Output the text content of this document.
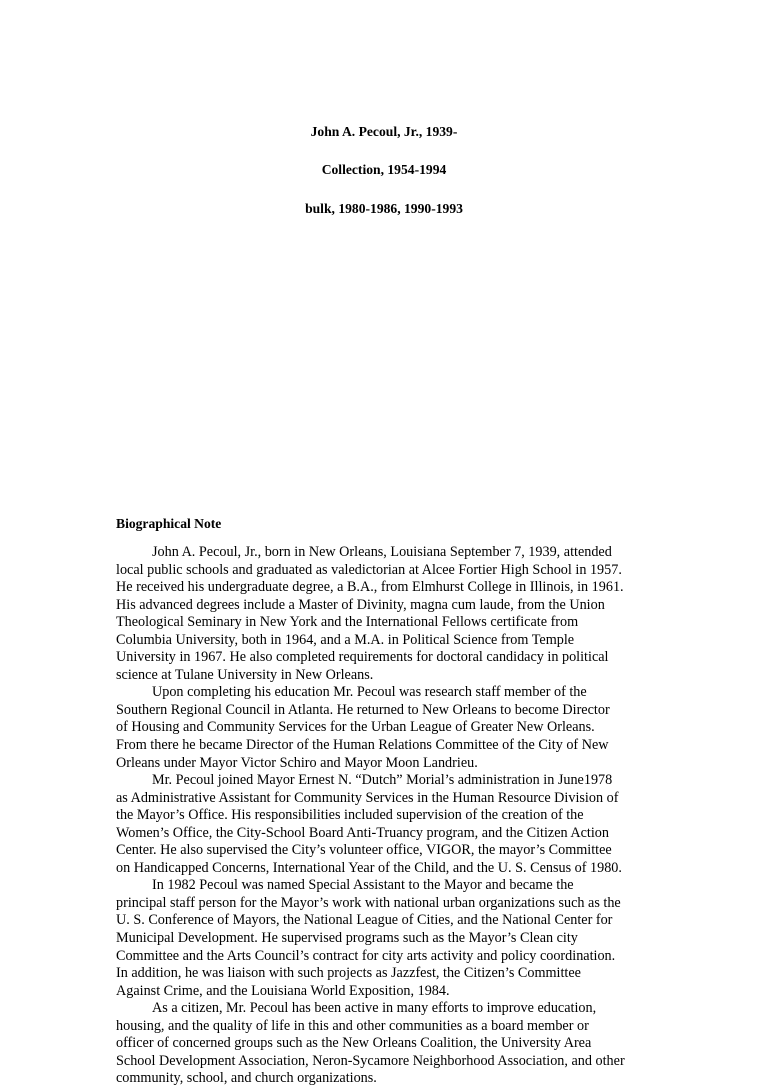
John A. Pecoul, Jr., 1939-
Collection, 1954-1994
bulk, 1980-1986, 1990-1993
Biographical Note
John A. Pecoul, Jr., born in New Orleans, Louisiana September 7, 1939, attended
local public schools and graduated as valedictorian at Alcee Fortier High School in 1957.
He received his undergraduate degree, a B.A., from Elmhurst College in Illinois, in 1961.
His advanced degrees include a Master of Divinity, magna cum laude, from the Union
Theological Seminary in New York and the International Fellows certificate from
Columbia University, both in 1964, and a M.A. in Political Science from Temple
University in 1967. He also completed requirements for doctoral candidacy in political
science at Tulane University in New Orleans.
Upon completing his education Mr. Pecoul was research staff member of the
Southern Regional Council in Atlanta. He returned to New Orleans to become Director
of Housing and Community Services for the Urban League of Greater New Orleans.
From there he became Director of the Human Relations Committee of the City of New
Orleans under Mayor Victor Schiro and Mayor Moon Landrieu.
Mr. Pecoul joined Mayor Ernest N. “Dutch” Morial’s administration in June1978
as Administrative Assistant for Community Services in the Human Resource Division of
the Mayor’s Office. His responsibilities included supervision of the creation of the
Women’s Office, the City-School Board Anti-Truancy program, and the Citizen Action
Center. He also supervised the City’s volunteer office, VIGOR, the mayor’s Committee
on Handicapped Concerns, International Year of the Child, and the U. S. Census of 1980.
In 1982 Pecoul was named Special Assistant to the Mayor and became the
principal staff person for the Mayor’s work with national urban organizations such as the
U. S. Conference of Mayors, the National League of Cities, and the National Center for
Municipal Development. He supervised programs such as the Mayor’s Clean city
Committee and the Arts Council’s contract for city arts activity and policy coordination.
In addition, he was liaison with such projects as Jazzfest, the Citizen’s Committee
Against Crime, and the Louisiana World Exposition, 1984.
As a citizen, Mr. Pecoul has been active in many efforts to improve education,
housing, and the quality of life in this and other communities as a board member or
officer of concerned groups such as the New Orleans Coalition, the University Area
School Development Association, Neron-Sycamore Neighborhood Association, and other
community, school, and church organizations.
